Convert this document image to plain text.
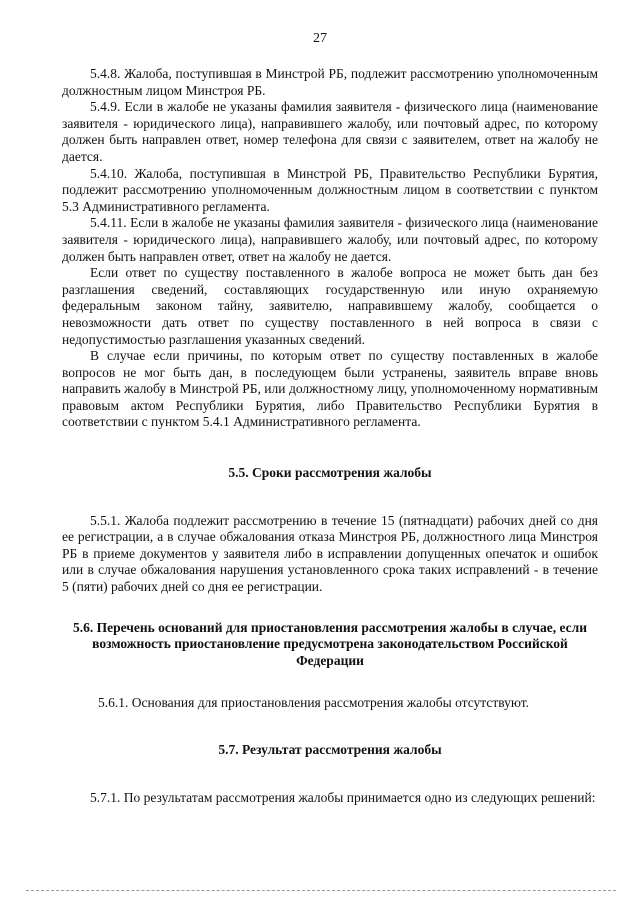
27

5.4.8. Жалоба, поступившая в Минстрой РБ, подлежит рассмотрению уполномоченным должностным лицом Минстроя РБ.

5.4.9. Если в жалобе не указаны фамилия заявителя - физического лица (наименование заявителя - юридического лица), направившего жалобу, или почтовый адрес, по которому должен быть направлен ответ, номер телефона для связи с заявителем, ответ на жалобу не дается.

5.4.10. Жалоба, поступившая в Минстрой РБ, Правительство Республики Бурятия, подлежит рассмотрению уполномоченным должностным лицом в соответствии с пунктом 5.3 Административного регламента.

5.4.11. Если в жалобе не указаны фамилия заявителя - физического лица (наименование заявителя - юридического лица), направившего жалобу, или почтовый адрес, по которому должен быть направлен ответ, ответ на жалобу не дается.

Если ответ по существу поставленного в жалобе вопроса не может быть дан без разглашения сведений, составляющих государственную или иную охраняемую федеральным законом тайну, заявителю, направившему жалобу, сообщается о невозможности дать ответ по существу поставленного в ней вопроса в связи с недопустимостью разглашения указанных сведений.

В случае если причины, по которым ответ по существу поставленных в жалобе вопросов не мог быть дан, в последующем были устранены, заявитель вправе вновь направить жалобу в Минстрой РБ, или должностному лицу, уполномоченному нормативным правовым актом Республики Бурятия, либо Правительство Республики Бурятия в соответствии с пунктом 5.4.1 Административного регламента.

5.5. Сроки рассмотрения жалобы

5.5.1. Жалоба подлежит рассмотрению в течение 15 (пятнадцати) рабочих дней со дня ее регистрации, а в случае обжалования отказа Минстроя РБ, должностного лица Минстроя РБ в приеме документов у заявителя либо в исправлении допущенных опечаток и ошибок или в случае обжалования нарушения установленного срока таких исправлений - в течение 5 (пяти) рабочих дней со дня ее регистрации.

5.6. Перечень оснований для приостановления рассмотрения жалобы в случае, если возможность приостановление предусмотрена законодательством Российской Федерации

5.6.1. Основания для приостановления рассмотрения жалобы отсутствуют.

5.7. Результат рассмотрения жалобы

5.7.1. По результатам рассмотрения жалобы принимается одно из следующих решений:
